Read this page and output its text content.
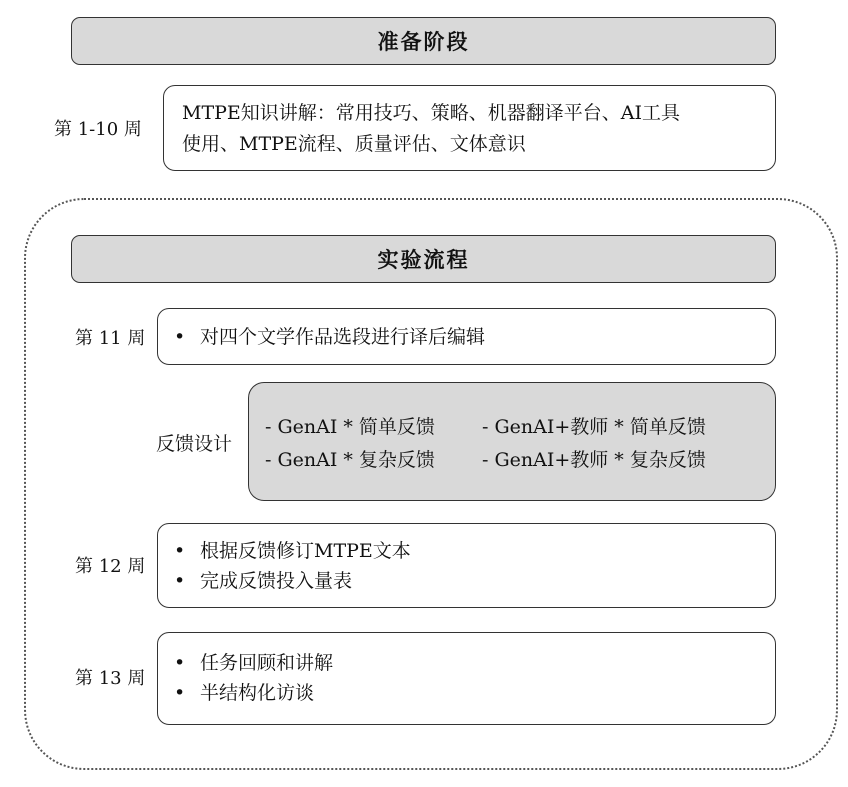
准备阶段
第 1-10 周
MTPE知识讲解：常用技巧、策略、机器翻译平台、AI工具
使用、MTPE流程、质量评估、文体意识
实验流程
第 11 周 • 对四个文学作品选段进行译后编辑
反馈设计
- GenAI * 简单反馈	- GenAI+教师 * 简单反馈
- GenAI * 复杂反馈	- GenAI+教师 * 复杂反馈
第 12 周
• 根据反馈修订MTPE文本
• 完成反馈投入量表
第 13 周
• 任务回顾和讲解
• 半结构化访谈
